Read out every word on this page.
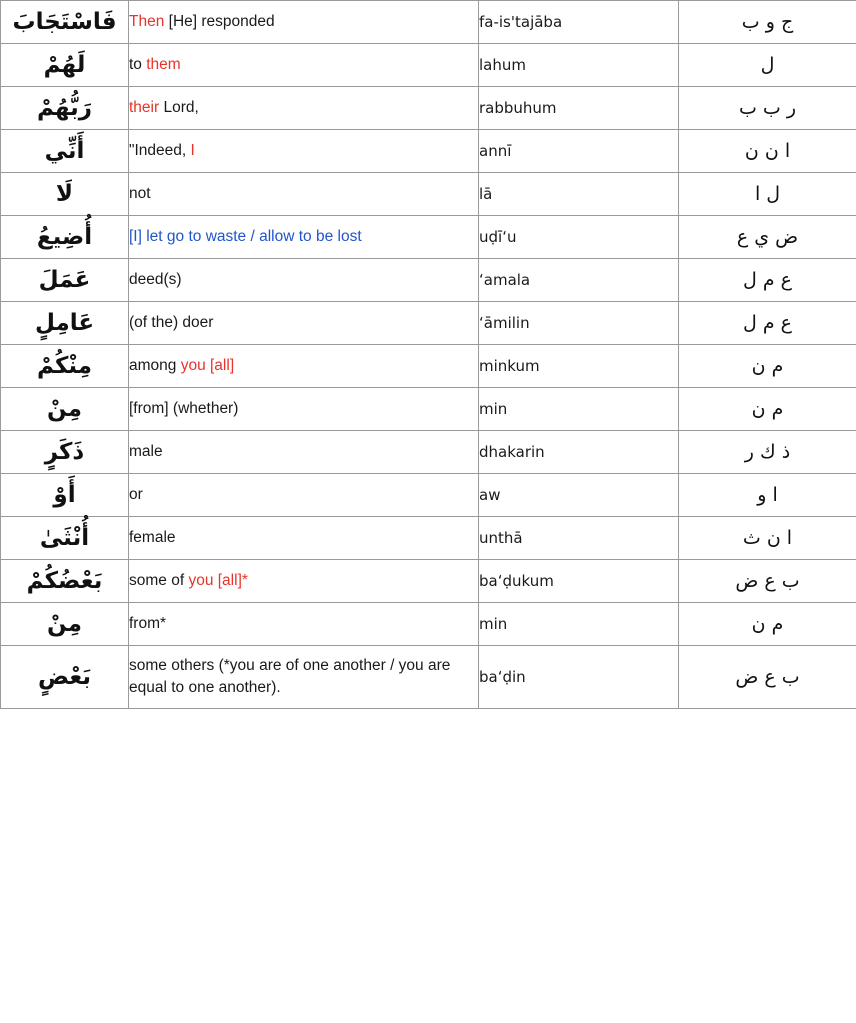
فَاسْتَجَابَ	Then [He] responded	fa-is'tajāba	ج و ب
لَهُمْ	to them	lahum	ل
رَبُّهُمْ	their Lord,	rabbuhum	ر ب ب
أَنِّي	"Indeed, I	annī	ا ن ن
لَا	not	lā	ل ا
أُضِيعُ	[I] let go to waste / allow to be lost	uḍīʻu	ض ي ع
عَمَلَ	deed(s)	ʻamala	ع م ل
عَامِلٍ	(of the) doer	ʻāmilin	ع م ل
مِنْكُمْ	among you [all]	minkum	م ن
مِنْ	[from] (whether)	min	م ن
ذَكَرٍ	male	dhakarin	ذ ك ر
أَوْ	or	aw	ا و
أُنْثَىٰ	female	unthā	ا ن ث
بَعْضُكُمْ	some of you [all]*	baʻḍukum	ب ع ض
مِنْ	from*	min	م ن
بَعْضٍ	some others (*you are of one another / you are equal to one another).	baʻḍin	ب ع ض
